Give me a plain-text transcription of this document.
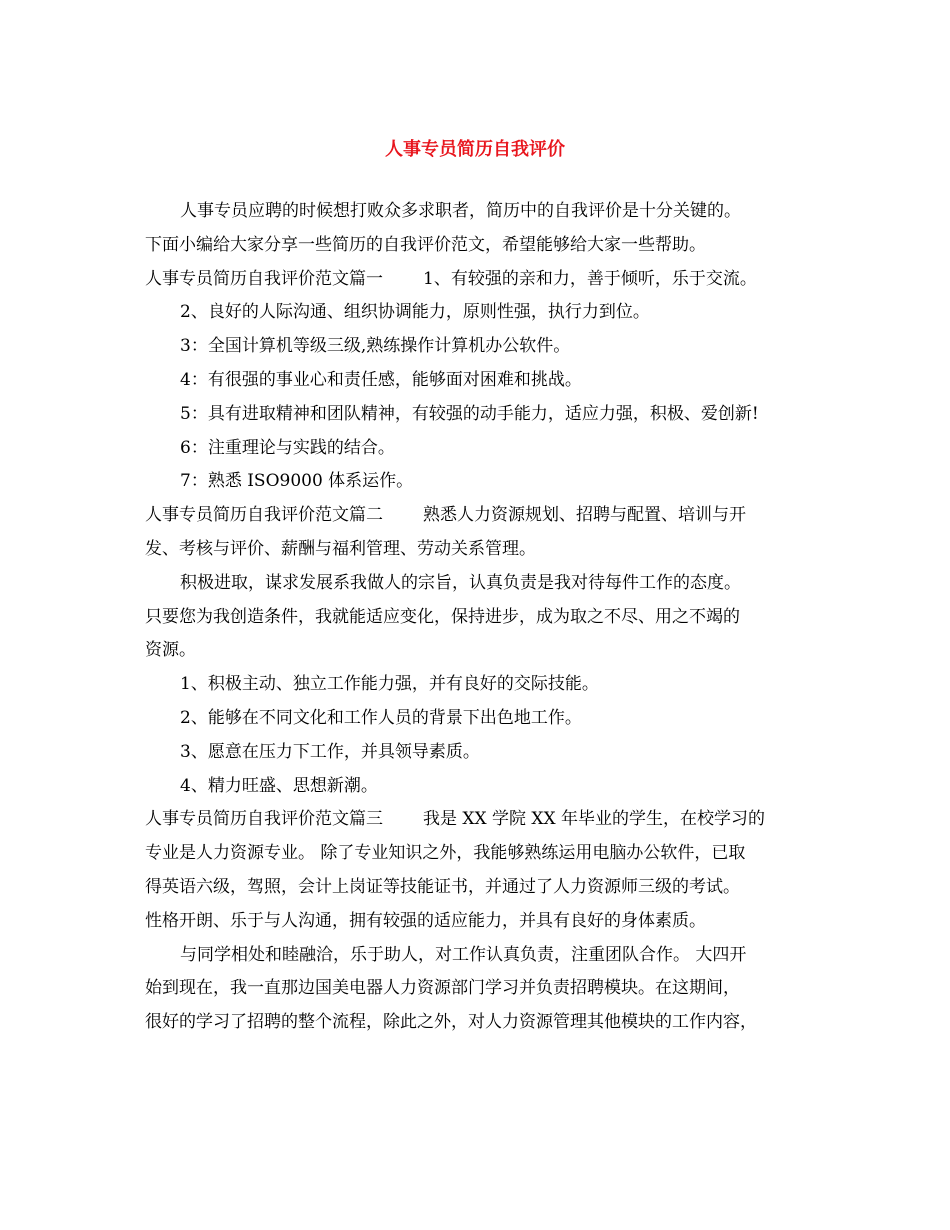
人事专员简历自我评价

人事专员应聘的时候想打败众多求职者，简历中的自我评价是十分关键的。

下面小编给大家分享一些简历的自我评价范文，希望能够给大家一些帮助。

人事专员简历自我评价范文篇一 1、有较强的亲和力，善于倾听，乐于交流。

2、良好的人际沟通、组织协调能力，原则性强，执行力到位。

3：全国计算机等级三级,熟练操作计算机办公软件。

4：有很强的事业心和责任感，能够面对困难和挑战。

5：具有进取精神和团队精神，有较强的动手能力，适应力强，积极、爱创新!

6：注重理论与实践的结合。

7：熟悉 ISO9000 体系运作。

人事专员简历自我评价范文篇二 熟悉人力资源规划、招聘与配置、培训与开

发、考核与评价、薪酬与福利管理、劳动关系管理。

积极进取，谋求发展系我做人的宗旨，认真负责是我对待每件工作的态度。

只要您为我创造条件，我就能适应变化，保持进步，成为取之不尽、用之不竭的

资源。

1、积极主动、独立工作能力强，并有良好的交际技能。

2、能够在不同文化和工作人员的背景下出色地工作。

3、愿意在压力下工作，并具领导素质。

4、精力旺盛、思想新潮。

人事专员简历自我评价范文篇三 我是 XX 学院 XX 年毕业的学生，在校学习的

专业是人力资源专业。 除了专业知识之外，我能够熟练运用电脑办公软件，已取

得英语六级，驾照，会计上岗证等技能证书，并通过了人力资源师三级的考试。

性格开朗、乐于与人沟通，拥有较强的适应能力，并具有良好的身体素质。

与同学相处和睦融洽，乐于助人，对工作认真负责，注重团队合作。 大四开

始到现在，我一直那边国美电器人力资源部门学习并负责招聘模块。在这期间，

很好的学习了招聘的整个流程，除此之外，对人力资源管理其他模块的工作内容，
